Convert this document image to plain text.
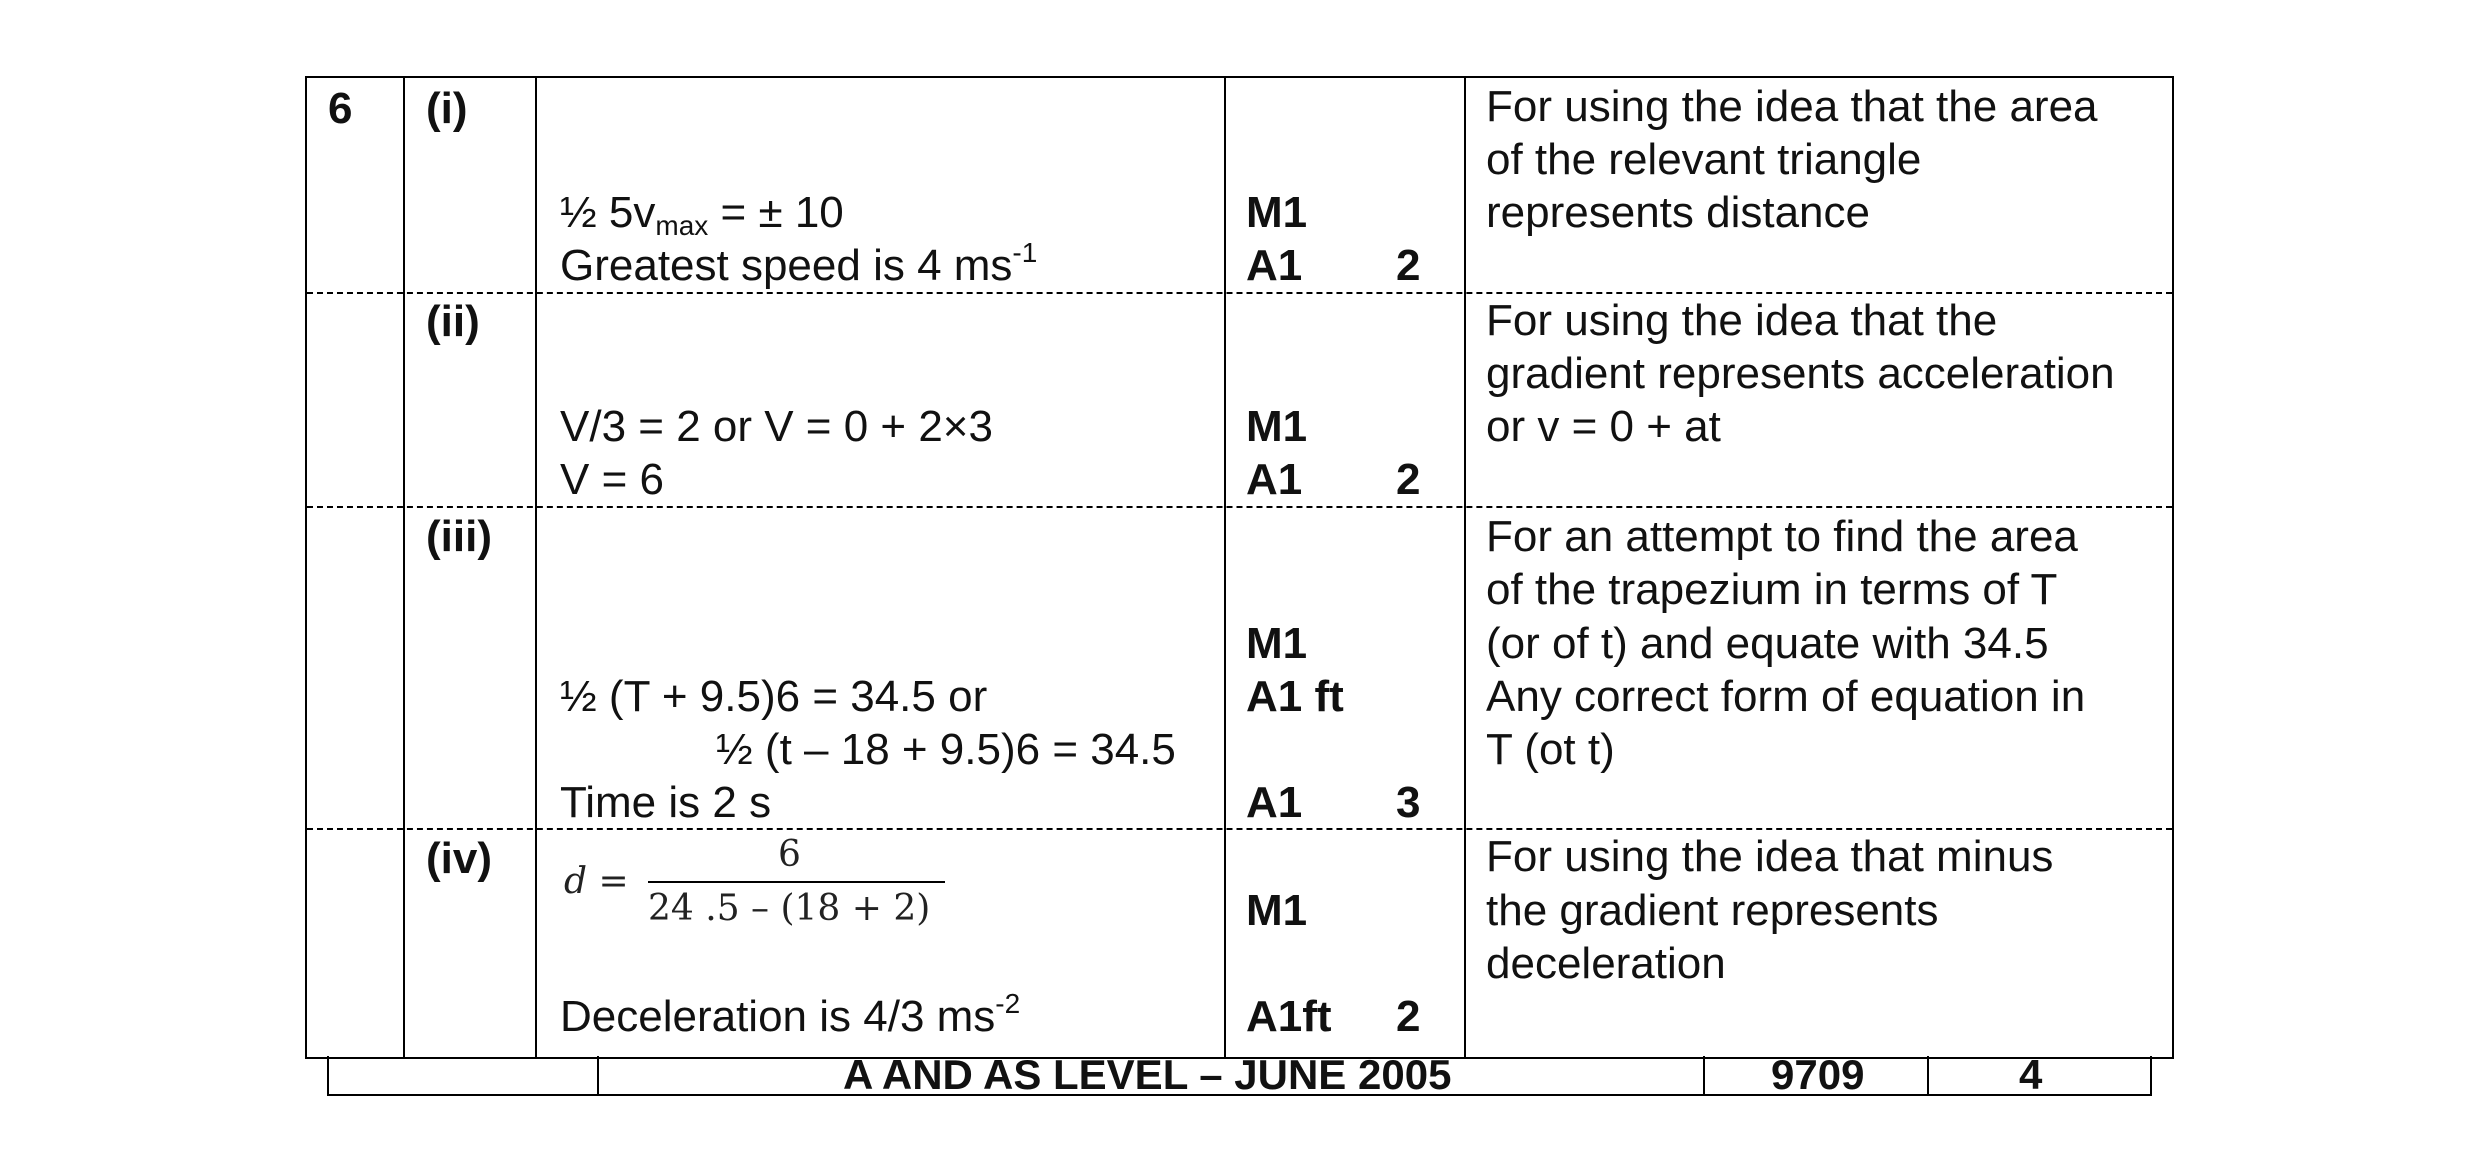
6 (i)
½ $5v_{max}$ = ± 10
Greatest speed is 4 $ms^{-1}$
M1
A1 2
For using the idea that the area
of the relevant triangle
represents distance
(ii)
V/3 = 2 or V = 0 + 2×3
V = 6
M1
A1 2
For using the idea that the
gradient represents acceleration
or v = 0 + at
(iii)
½ (T + 9.5)6 = 34.5 or
½ (t – 18 + 9.5)6 = 34.5
Time is 2 s
M1
A1 ft
A1 3
For an attempt to find the area
of the trapezium in terms of T
(or of t) and equate with 34.5
Any correct form of equation in
T (ot t)
(iv) d =
6
24 .5 – (18 + 2)
Deceleration is 4/3 $ms^{-2}$
M1
A1ft 2
For using the idea that minus
the gradient represents
deceleration
A AND AS LEVEL – JUNE 2005	9709	4
